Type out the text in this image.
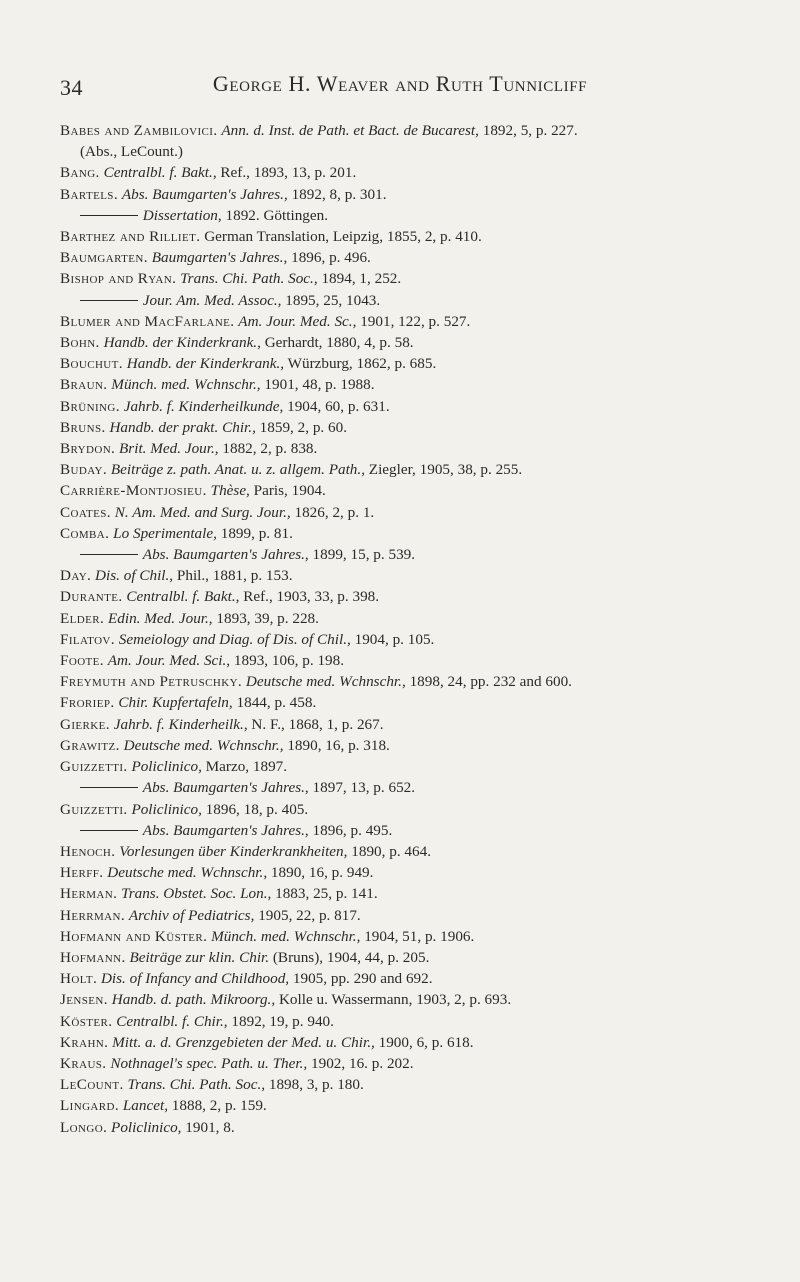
34	George H. Weaver and Ruth Tunnicliff

Babes and Zambilovici. Ann. d. Inst. de Path. et Bact. de Bucarest, 1892, 5, p. 227.

(Abs., LeCount.)

Bang. Centralbl. f. Bakt., Ref., 1893, 13, p. 201.

Bartels. Abs. Baumgarten's Jahres., 1892, 8, p. 301.

Dissertation, 1892. Göttingen.

Barthez and Rilliet. German Translation, Leipzig, 1855, 2, p. 410.

Baumgarten. Baumgarten's Jahres., 1896, p. 496.

Bishop and Ryan. Trans. Chi. Path. Soc., 1894, 1, 252.

Jour. Am. Med. Assoc., 1895, 25, 1043.

Blumer and MacFarlane. Am. Jour. Med. Sc., 1901, 122, p. 527.

Bohn. Handb. der Kinderkrank., Gerhardt, 1880, 4, p. 58.

Bouchut. Handb. der Kinderkrank., Würzburg, 1862, p. 685.

Braun. Münch. med. Wchnschr., 1901, 48, p. 1988.

Brüning. Jahrb. f. Kinderheilkunde, 1904, 60, p. 631.

Bruns. Handb. der prakt. Chir., 1859, 2, p. 60.

Brydon. Brit. Med. Jour., 1882, 2, p. 838.

Buday. Beiträge z. path. Anat. u. z. allgem. Path., Ziegler, 1905, 38, p. 255.

Carrière-Montjosieu. Thèse, Paris, 1904.

Coates. N. Am. Med. and Surg. Jour., 1826, 2, p. 1.

Comba. Lo Sperimentale, 1899, p. 81.

Abs. Baumgarten's Jahres., 1899, 15, p. 539.

Day. Dis. of Chil., Phil., 1881, p. 153.

Durante. Centralbl. f. Bakt., Ref., 1903, 33, p. 398.

Elder. Edin. Med. Jour., 1893, 39, p. 228.

Filatov. Semeiology and Diag. of Dis. of Chil., 1904, p. 105.

Foote. Am. Jour. Med. Sci., 1893, 106, p. 198.

Freymuth and Petruschky. Deutsche med. Wchnschr., 1898, 24, pp. 232 and 600.

Froriep. Chir. Kupfertafeln, 1844, p. 458.

Gierke. Jahrb. f. Kinderheilk., N. F., 1868, 1, p. 267.

Grawitz. Deutsche med. Wchnschr., 1890, 16, p. 318.

Guizzetti. Policlinico, Marzo, 1897.

Abs. Baumgarten's Jahres., 1897, 13, p. 652.

Guizzetti. Policlinico, 1896, 18, p. 405.

Abs. Baumgarten's Jahres., 1896, p. 495.

Henoch. Vorlesungen über Kinderkrankheiten, 1890, p. 464.

Herff. Deutsche med. Wchnschr., 1890, 16, p. 949.

Herman. Trans. Obstet. Soc. Lon., 1883, 25, p. 141.

Herrman. Archiv of Pediatrics, 1905, 22, p. 817.

Hofmann and Küster. Münch. med. Wchnschr., 1904, 51, p. 1906.

Hofmann. Beiträge zur klin. Chir. (Bruns), 1904, 44, p. 205.

Holt. Dis. of Infancy and Childhood, 1905, pp. 290 and 692.

Jensen. Handb. d. path. Mikroorg., Kolle u. Wassermann, 1903, 2, p. 693.

Köster. Centralbl. f. Chir., 1892, 19, p. 940.

Krahn. Mitt. a. d. Grenzgebieten der Med. u. Chir., 1900, 6, p. 618.

Kraus. Nothnagel's spec. Path. u. Ther., 1902, 16. p. 202.

LeCount. Trans. Chi. Path. Soc., 1898, 3, p. 180.

Lingard. Lancet, 1888, 2, p. 159.

Longo. Policlinico, 1901, 8.
